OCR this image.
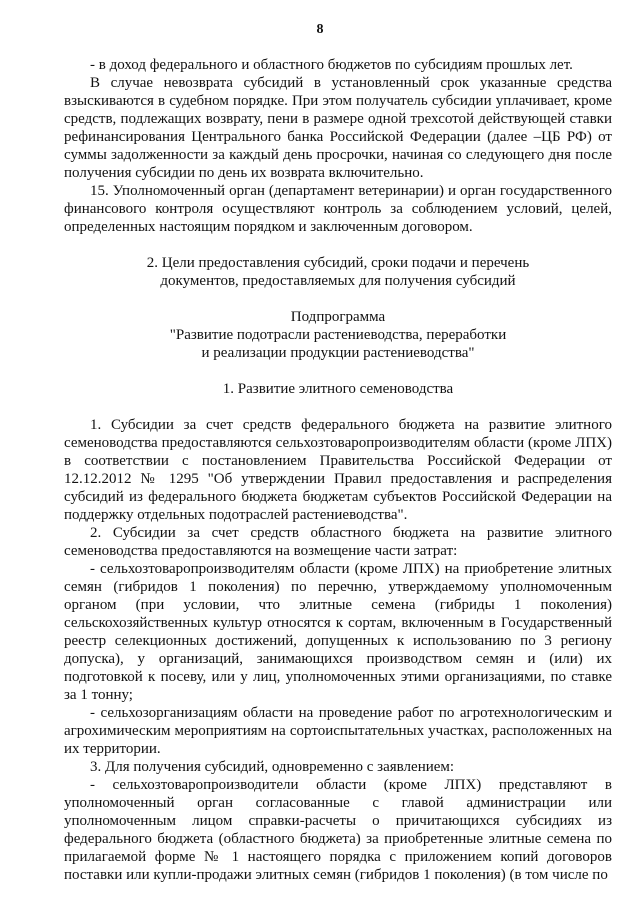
8

- в доход федерального и областного бюджетов по субсидиям прошлых лет.

В случае невозврата субсидий в установленный срок указанные средства взыскиваются в судебном порядке. При этом получатель субсидии уплачивает, кроме средств, подлежащих возврату, пени в размере одной трехсотой действующей ставки рефинансирования Центрального банка Российской Федерации (далее –ЦБ РФ) от суммы задолженности за каждый день просрочки, начиная со следующего дня после получения субсидии по день их возврата включительно.

15. Уполномоченный орган (департамент ветеринарии) и орган государственного финансового контроля осуществляют контроль за соблюдением условий, целей, определенных настоящим порядком и заключенным договором.

2. Цели предоставления субсидий, сроки подачи и перечень

документов, предоставляемых для получения субсидий

Подпрограмма

"Развитие подотрасли растениеводства, переработки

и реализации продукции растениеводства"

1. Развитие элитного семеноводства

1. Субсидии за счет средств федерального бюджета на развитие элитного семеноводства предоставляются сельхозтоваропроизводителям области (кроме ЛПХ) в соответствии с постановлением Правительства Российской Федерации от 12.12.2012 № 1295 "Об утверждении Правил предоставления и распределения субсидий из федерального бюджета бюджетам субъектов Российской Федерации на поддержку отдельных подотраслей растениеводства".

2. Субсидии за счет средств областного бюджета на развитие элитного семеноводства предоставляются на возмещение части затрат:

- сельхозтоваропроизводителям области (кроме ЛПХ) на приобретение элитных семян (гибридов 1 поколения) по перечню, утверждаемому уполномоченным органом (при условии, что элитные семена (гибриды 1 поколения) сельскохозяйственных культур относятся к сортам, включенным в Государственный реестр селекционных достижений, допущенных к использованию по 3 региону допуска), у организаций, занимающихся производством семян и (или) их подготовкой к посеву, или у лиц, уполномоченных этими организациями, по ставке за 1 тонну;

- сельхозорганизациям области на проведение работ по агротехнологическим и агрохимическим мероприятиям на сортоиспытательных участках, расположенных на их территории.

3. Для получения субсидий, одновременно с заявлением:

- сельхозтоваропроизводители области (кроме ЛПХ) представляют в уполномоченный орган согласованные с главой администрации или уполномоченным лицом справки-расчеты о причитающихся субсидиях из федерального бюджета (областного бюджета) за приобретенные элитные семена по прилагаемой форме № 1 настоящего порядка с приложением копий договоров поставки или купли-продажи элитных семян (гибридов 1 поколения) (в том числе по
